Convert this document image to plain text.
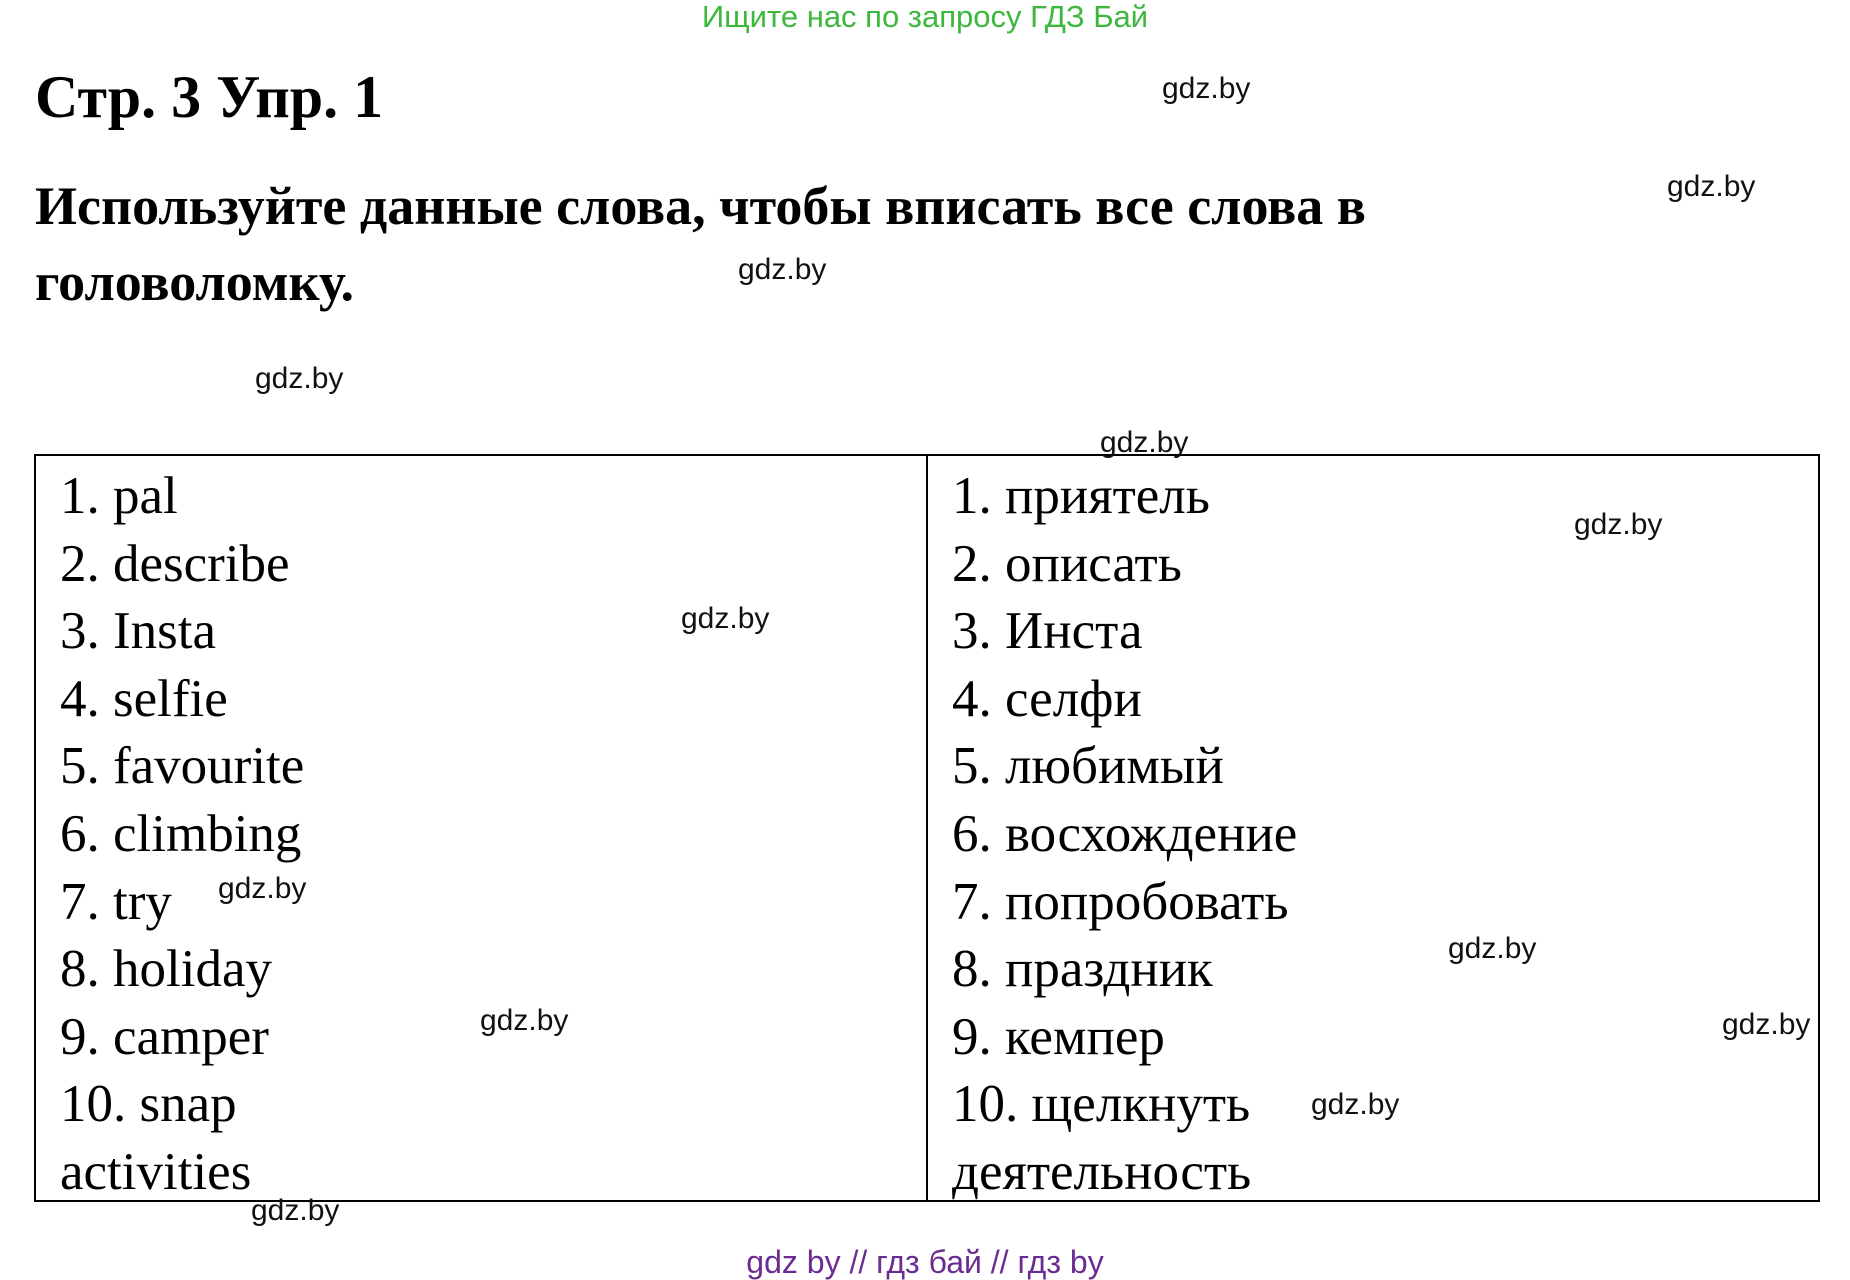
Ищите нас по запросу ГДЗ Бай
Стр. 3 Упр. 1

Используйте данные слова, чтобы вписать все слова в головоломку.

1. pal
2. describe
3. Insta
4. selfie
5. favourite
6. climbing
7. try
8. holiday
9. camper
10. snap
activities
1. приятель
2. описать
3. Инста
4. селфи
5. любимый
6. восхождение
7. попробовать
8. праздник
9. кемпер
10. щелкнуть
деятельность
gdz.by
gdz.by
gdz.by
gdz.by
gdz.by
gdz.by
gdz.by
gdz.by
gdz.by
gdz.by
gdz.by
gdz.by
gdz.by
gdz by // гдз бай // гдз by
